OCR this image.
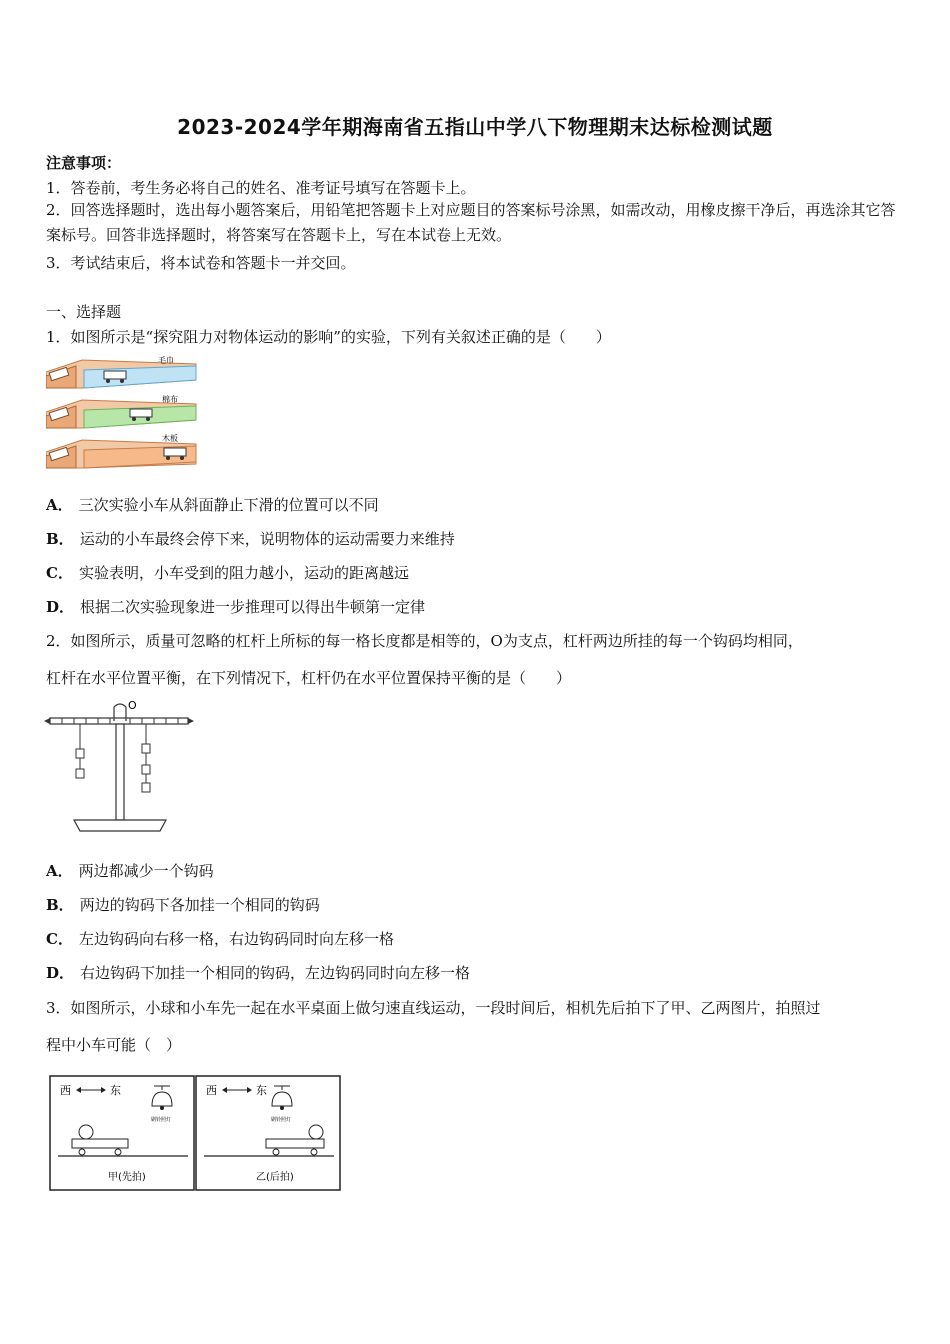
2023-2024学年期海南省五指山中学八下物理期末达标检测试题
注意事项：
1．答卷前，考生务必将自己的姓名、准考证号填写在答题卡上。
2．回答选择题时，选出每小题答案后，用铅笔把答题卡上对应题目的答案标号涂黑，如需改动，用橡皮擦干净后，再选涂其它答案标号。回答非选择题时，将答案写在答题卡上，写在本试卷上无效。
3．考试结束后，将本试卷和答题卡一并交回。
一、选择题
1．如图所示是“探究阻力对物体运动的影响”的实验，下列有关叙述正确的是（　　）
毛巾
棉布
木板
A． 三次实验小车从斜面静止下滑的位置可以不同
B． 运动的小车最终会停下来，说明物体的运动需要力来维持
C． 实验表明，小车受到的阻力越小，运动的距离越远
D． 根据二次实验现象进一步推理可以得出牛顿第一定律
2．如图所示，质量可忽略的杠杆上所标的每一格长度都是相等的，O为支点，杠杆两边所挂的每一个钩码均相同，
杠杆在水平位置平衡，在下列情况下，杠杆仍在水平位置保持平衡的是（　　）
O
A． 两边都减少一个钩码
B． 两边的钩码下各加挂一个相同的钩码
C． 左边钩码向右移一格，右边钩码同时向左移一格
D． 右边钩码下加挂一个相同的钩码，左边钩码同时向左移一格
3．如图所示，小球和小车先一起在水平桌面上做匀速直线运动，一段时间后，相机先后拍下了甲、乙两图片，拍照过
程中小车可能（　）
西	东
刷铃照灯
甲(先拍)
西	东
刷铃照灯
乙(后拍)
